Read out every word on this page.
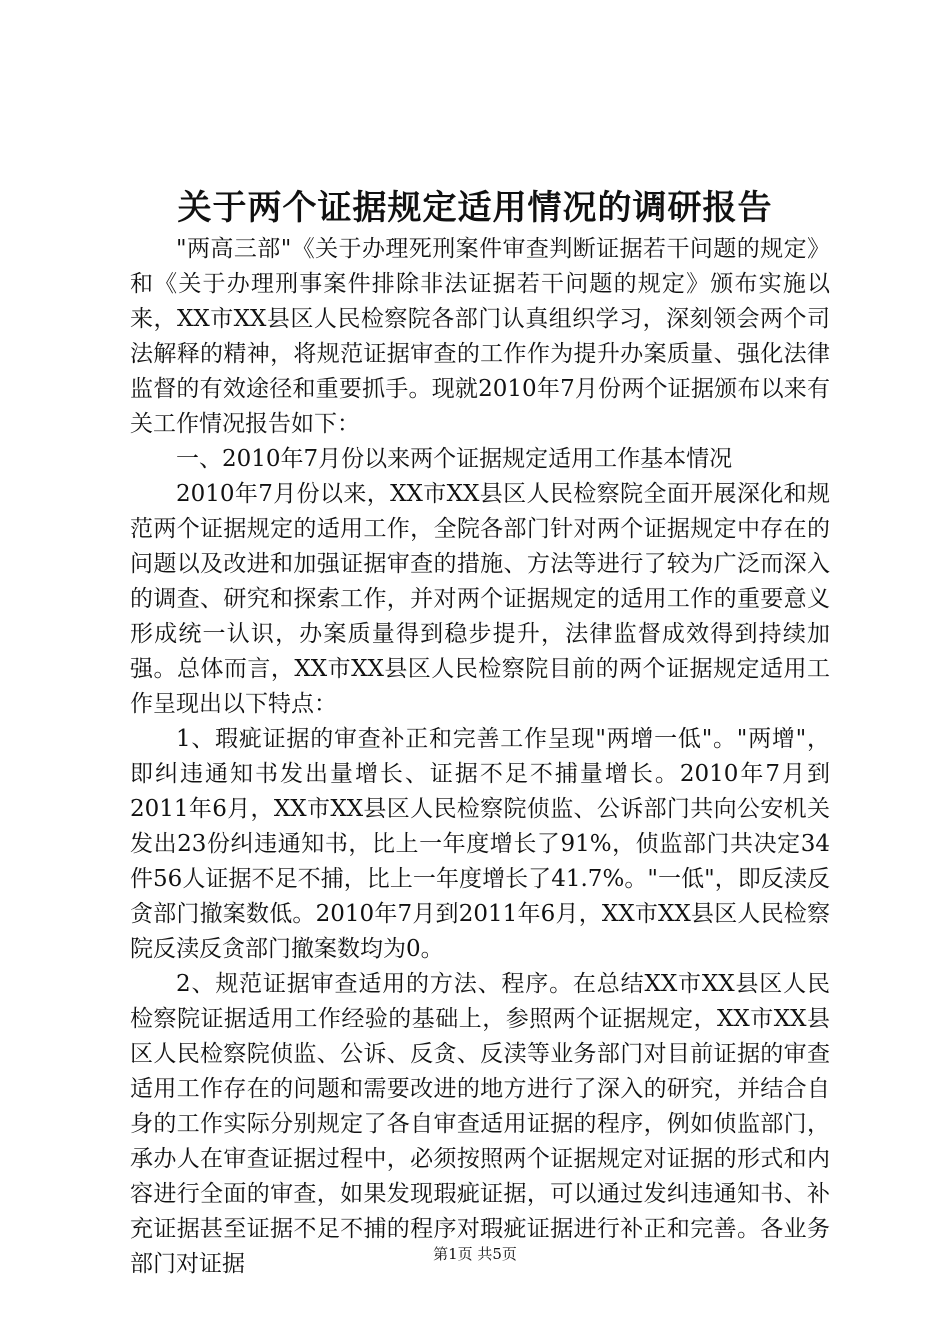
关于两个证据规定适用情况的调研报告

"两高三部"《关于办理死刑案件审查判断证据若干问题的规定》和《关于办理刑事案件排除非法证据若干问题的规定》颁布实施以来，XX市XX县区人民检察院各部门认真组织学习，深刻领会两个司法解释的精神，将规范证据审查的工作作为提升办案质量、强化法律监督的有效途径和重要抓手。现就2010年7月份两个证据颁布以来有关工作情况报告如下：

一、2010年7月份以来两个证据规定适用工作基本情况

2010年7月份以来，XX市XX县区人民检察院全面开展深化和规范两个证据规定的适用工作，全院各部门针对两个证据规定中存在的问题以及改进和加强证据审查的措施、方法等进行了较为广泛而深入的调查、研究和探索工作，并对两个证据规定的适用工作的重要意义形成统一认识，办案质量得到稳步提升，法律监督成效得到持续加强。总体而言，XX市XX县区人民检察院目前的两个证据规定适用工作呈现出以下特点：

1、瑕疵证据的审查补正和完善工作呈现"两增一低"。"两增"，即纠违通知书发出量增长、证据不足不捕量增长。2010年7月到2011年6月，XX市XX县区人民检察院侦监、公诉部门共向公安机关发出23份纠违通知书，比上一年度增长了91%，侦监部门共决定34件56人证据不足不捕，比上一年度增长了41.7%。"一低"，即反渎反贪部门撤案数低。2010年7月到2011年6月，XX市XX县区人民检察院反渎反贪部门撤案数均为0。

2、规范证据审查适用的方法、程序。在总结XX市XX县区人民检察院证据适用工作经验的基础上，参照两个证据规定，XX市XX县区人民检察院侦监、公诉、反贪、反渎等业务部门对目前证据的审查适用工作存在的问题和需要改进的地方进行了深入的研究，并结合自身的工作实际分别规定了各自审查适用证据的程序，例如侦监部门，承办人在审查证据过程中，必须按照两个证据规定对证据的形式和内容进行全面的审查，如果发现瑕疵证据，可以通过发纠违通知书、补充证据甚至证据不足不捕的程序对瑕疵证据进行补正和完善。各业务部门对证据	第1页 共5页
